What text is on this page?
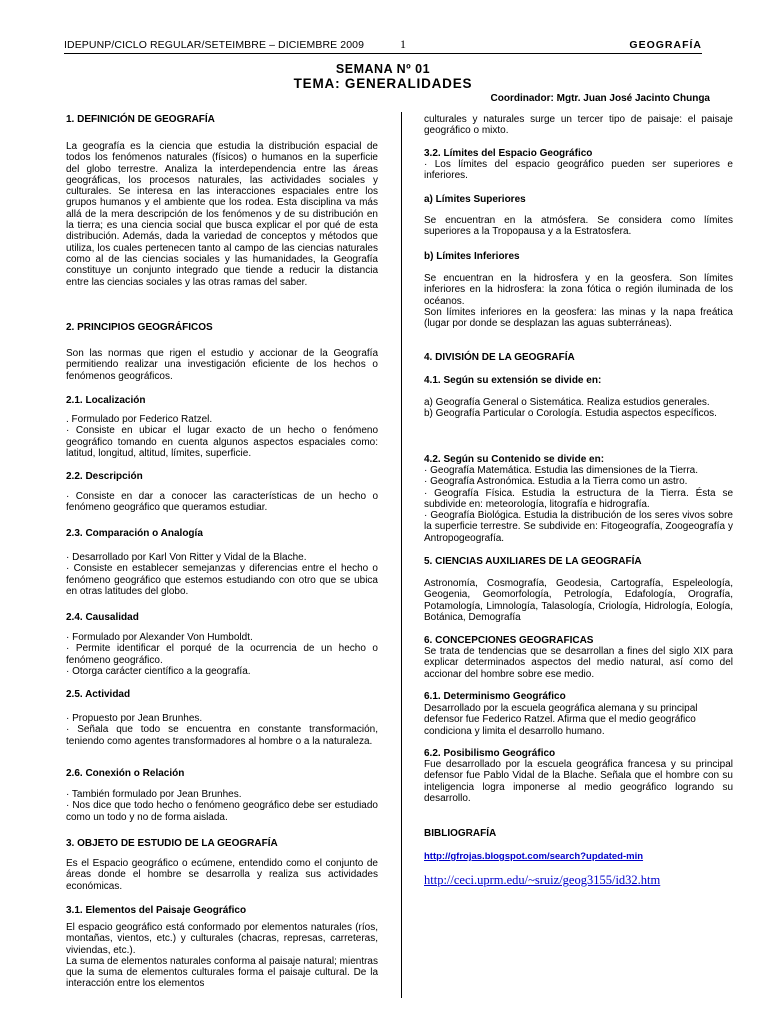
IDEPUNP/CICLO REGULAR/SETEIMBRE – DICIEMBRE 2009	1	GEOGRAFÍA
SEMANA Nº 01
TEMA: GENERALIDADES
Coordinador: Mgtr. Juan José Jacinto Chunga
1. DEFINICIÓN DE GEOGRAFÍA

La geografía es la ciencia que estudia la distribución espacial de todos los fenómenos naturales (físicos) o humanos en la superficie del globo terrestre. Analiza la interdependencia entre las áreas geográficas, los procesos naturales, las actividades sociales y culturales. Se interesa en las interacciones espaciales entre los grupos humanos y el ambiente que los rodea. Esta disciplina va más allá de la mera descripción de los fenómenos y de su distribución en la tierra; es una ciencia social que busca explicar el por qué de esta distribución. Además, dada la variedad de conceptos y métodos que utiliza, los cuales pertenecen tanto al campo de las ciencias naturales como al de las ciencias sociales y las humanidades, la Geografía constituye un conjunto integrado que tiende a reducir la distancia entre las ciencias sociales y las otras ramas del saber.

2. PRINCIPIOS GEOGRÁFICOS

Son las normas que rigen el estudio y accionar de la Geografía permitiendo realizar una investigación eficiente de los hechos o fenómenos geográficos.

2.1. Localización

. Formulado por Federico Ratzel.

· Consiste en ubicar el lugar exacto de un hecho o fenómeno geográfico tomando en cuenta algunos aspectos espaciales como: latitud, longitud, altitud, límites, superficie.

2.2. Descripción

· Consiste en dar a conocer las características de un hecho o fenómeno geográfico que queramos estudiar.

2.3. Comparación o Analogía

· Desarrollado por Karl Von Ritter y Vidal de la Blache.

· Consiste en establecer semejanzas y diferencias entre el hecho o fenómeno geográfico que estemos estudiando con otro que se ubica en otras latitudes del globo.

2.4. Causalidad

· Formulado por Alexander Von Humboldt.

· Permite identificar el porqué de la ocurrencia de un hecho o fenómeno geográfico.

· Otorga carácter científico a la geografía.

2.5. Actividad

· Propuesto por Jean Brunhes.

· Señala que todo se encuentra en constante transformación, teniendo como agentes transformadores al hombre o a la naturaleza.

2.6. Conexión o Relación

· También formulado por Jean Brunhes.

· Nos dice que todo hecho o fenómeno geográfico debe ser estudiado como un todo y no de forma aislada.

3. OBJETO DE ESTUDIO DE LA GEOGRAFÍA

Es el Espacio geográfico o ecúmene, entendido como el conjunto de áreas donde el hombre se desarrolla y realiza sus actividades económicas.

3.1. Elementos del Paisaje Geográfico

El espacio geográfico está conformado por elementos naturales (ríos, montañas, vientos, etc.) y culturales (chacras, represas, carreteras, viviendas, etc.).

La suma de elementos naturales conforma al paisaje natural; mientras que la suma de elementos culturales forma el paisaje cultural. De la interacción entre los elementos

culturales y naturales surge un tercer tipo de paisaje: el paisaje geográfico o mixto.

3.2. Límites del Espacio Geográfico

· Los límites del espacio geográfico pueden ser superiores e inferiores.

a) Límites Superiores

Se encuentran en la atmósfera. Se considera como límites superiores a la Tropopausa y a la Estratosfera.

b) Límites Inferiores

Se encuentran en la hidrosfera y en la geosfera. Son límites inferiores en la hidrosfera: la zona fótica o región iluminada de los océanos.

Son límites inferiores en la geosfera: las minas y la napa freática (lugar por donde se desplazan las aguas subterráneas).

4. DIVISIÓN DE LA GEOGRAFÍA
4.1. Según su extensión se divide en:

a) Geografía General o Sistemática. Realiza estudios generales.

b) Geografía Particular o Corología. Estudia aspectos específicos.

4.2. Según su Contenido se divide en:

· Geografía Matemática. Estudia las dimensiones de la Tierra.

· Geografía Astronómica. Estudia a la Tierra como un astro.

· Geografía Física. Estudia la estructura de la Tierra. Ésta se subdivide en: meteorología, litografía e hidrografía.

· Geografía Biológica. Estudia la distribución de los seres vivos sobre la superficie terrestre. Se subdivide en: Fitogeografía, Zoogeografía y Antropogeografía.

5. CIENCIAS AUXILIARES DE LA GEOGRAFÍA

Astronomía, Cosmografía, Geodesia, Cartografía, Espeleología, Geogenia, Geomorfología, Petrología, Edafología, Orografía, Potamología, Limnología, Talasología, Criología, Hidrología, Eología, Botánica, Demografía

6. CONCEPCIONES GEOGRAFICAS

Se trata de tendencias que se desarrollan a fines del siglo XIX para explicar determinados aspectos del medio natural, así como del accionar del hombre sobre ese medio.

6.1. Determinismo Geográfico

Desarrollado por la escuela geográfica alemana y su principal defensor fue Federico Ratzel. Afirma que el medio geográfico condiciona y limita el desarrollo humano.

6.2. Posibilismo Geográfico

Fue desarrollado por la escuela geográfica francesa y su principal defensor fue Pablo Vidal de la Blache. Señala que el hombre con su inteligencia logra imponerse al medio geográfico logrando su desarrollo.

BIBLIOGRAFÍA
http://gfrojas.blogspot.com/search?updated-min
http://ceci.uprm.edu/~sruiz/geog3155/id32.htm
